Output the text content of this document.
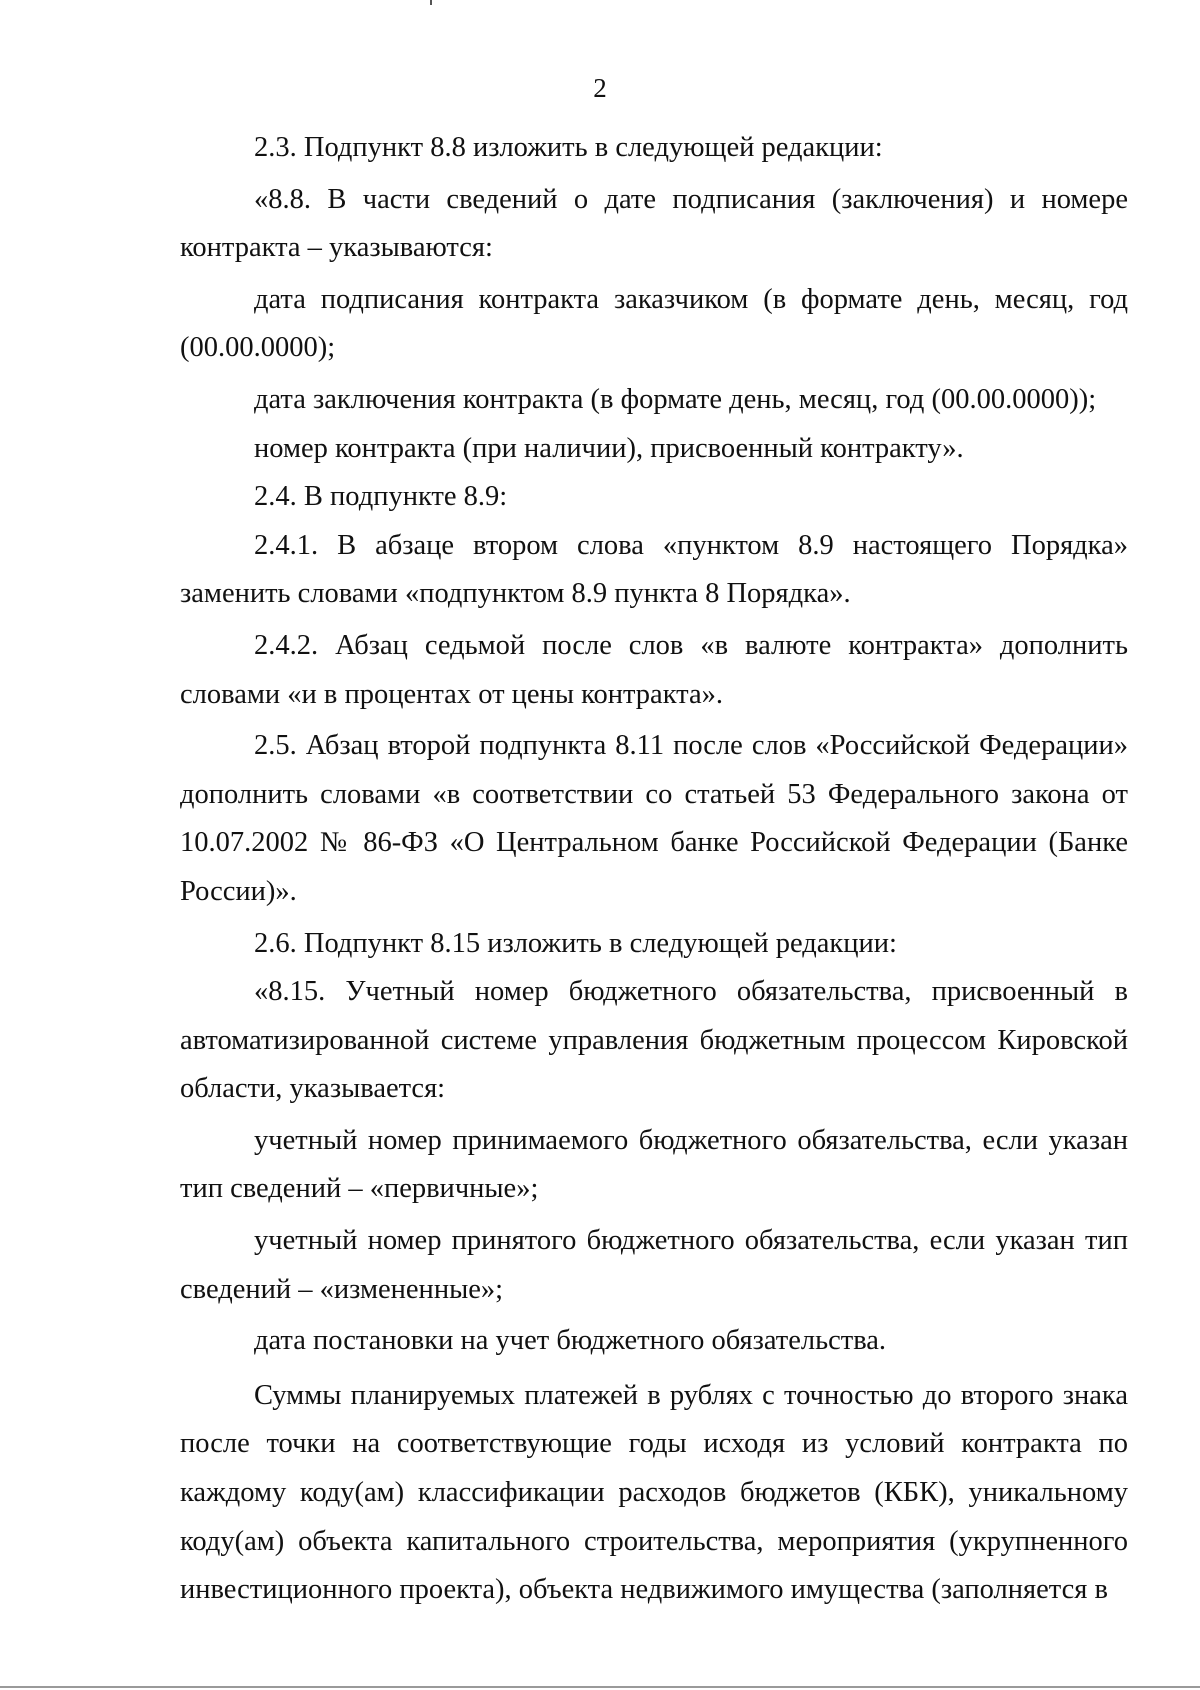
2

2.3. Подпункт 8.8 изложить в следующей редакции:

«8.8. В части сведений о дате подписания (заключения) и номере контракта – указываются:

дата подписания контракта заказчиком (в формате день, месяц, год (00.00.0000);

дата заключения контракта (в формате день, месяц, год (00.00.0000));

номер контракта (при наличии), присвоенный контракту».

2.4. В подпункте 8.9:

2.4.1. В абзаце втором слова «пунктом 8.9 настоящего Порядка» заменить словами «подпунктом 8.9 пункта 8 Порядка».

2.4.2. Абзац седьмой после слов «в валюте контракта» дополнить словами «и в процентах от цены контракта».

2.5. Абзац второй подпункта 8.11 после слов «Российской Федерации» дополнить словами «в соответствии со статьей 53 Федерального закона от 10.07.2002 № 86-ФЗ «О Центральном банке Российской Федерации (Банке России)».

2.6. Подпункт 8.15 изложить в следующей редакции:

«8.15. Учетный номер бюджетного обязательства, присвоенный в автоматизированной системе управления бюджетным процессом Кировской области, указывается:

учетный номер принимаемого бюджетного обязательства, если указан тип сведений – «первичные»;

учетный номер принятого бюджетного обязательства, если указан тип сведений – «измененные»;

дата постановки на учет бюджетного обязательства.

Суммы планируемых платежей в рублях с точностью до второго знака после точки на соответствующие годы исходя из условий контракта по каждому коду(ам) классификации расходов бюджетов (КБК), уникальному коду(ам) объекта капитального строительства, мероприятия (укрупненного инвестиционного проекта), объекта недвижимого имущества (заполняется в
